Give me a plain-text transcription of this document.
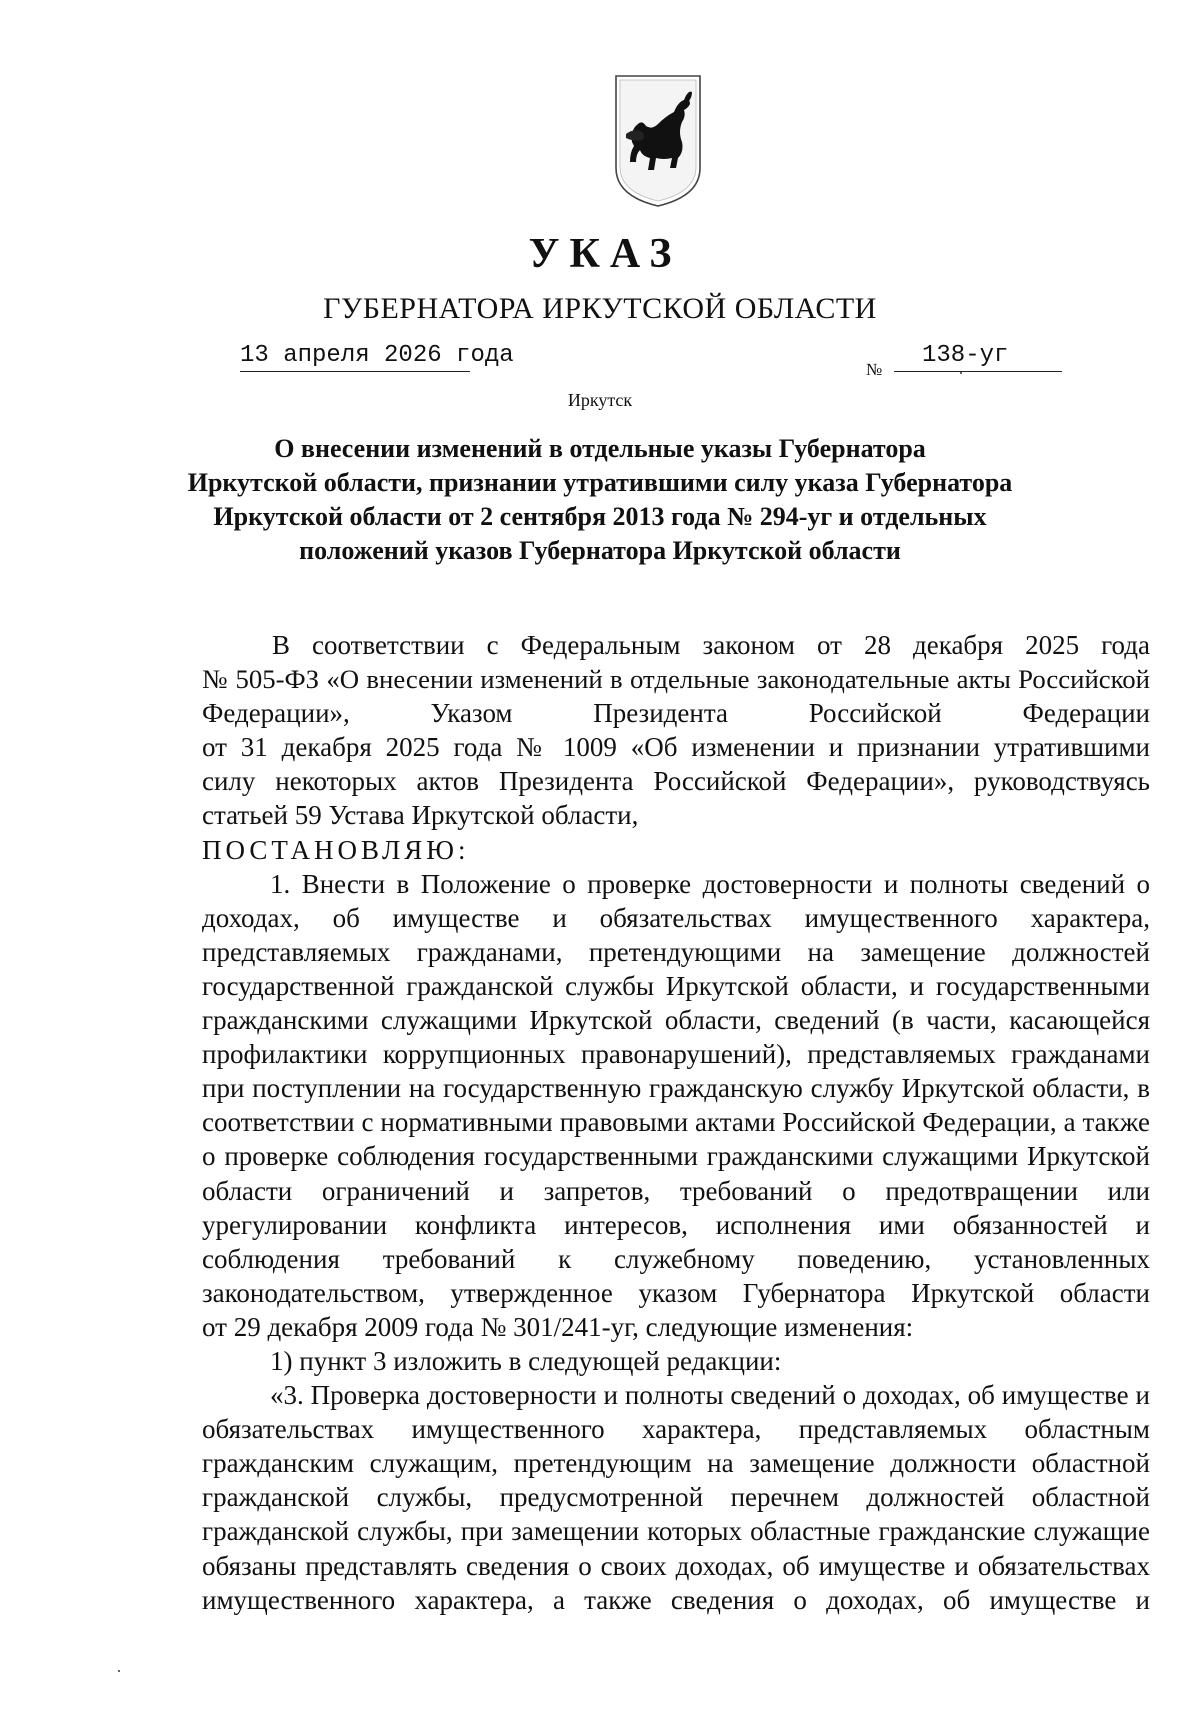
УКАЗ
ГУБЕРНАТОРА ИРКУТСКОЙ ОБЛАСТИ
13 апреля 2026 года
№
138-уг
Иркутск
О внесении изменений в отдельные указы Губернатора
Иркутской области, признании утратившими силу указа Губернатора
Иркутской области от 2 сентября 2013 года № 294-уг и отдельных
положений указов Губернатора Иркутской области
В соответствии с Федеральным законом от 28 декабря 2025 года
№ 505-ФЗ «О внесении изменений в отдельные законодательные акты Российской
Федерации», Указом Президента Российской Федерации
от 31 декабря 2025 года № 1009 «Об изменении и признании утратившими
силу некоторых актов Президента Российской Федерации», руководствуясь
статьей 59 Устава Иркутской области,
ПОСТАНОВЛЯЮ:
1. Внести в Положение о проверке достоверности и полноты сведений о
доходах, об имуществе и обязательствах имущественного характера,
представляемых гражданами, претендующими на замещение должностей
государственной гражданской службы Иркутской области, и государственными
гражданскими служащими Иркутской области, сведений (в части, касающейся
профилактики коррупционных правонарушений), представляемых гражданами
при поступлении на государственную гражданскую службу Иркутской области, в
соответствии с нормативными правовыми актами Российской Федерации, а также
о проверке соблюдения государственными гражданскими служащими Иркутской
области ограничений и запретов, требований о предотвращении или
урегулировании конфликта интересов, исполнения ими обязанностей и
соблюдения требований к служебному поведению, установленных
законодательством, утвержденное указом Губернатора Иркутской области
от 29 декабря 2009 года № 301/241-уг, следующие изменения:
1) пункт 3 изложить в следующей редакции:
«3. Проверка достоверности и полноты сведений о доходах, об имуществе и
обязательствах имущественного характера, представляемых областным
гражданским служащим, претендующим на замещение должности областной
гражданской службы, предусмотренной перечнем должностей областной
гражданской службы, при замещении которых областные гражданские служащие
обязаны представлять сведения о своих доходах, об имуществе и обязательствах
имущественного характера, а также сведения о доходах, об имуществе и
